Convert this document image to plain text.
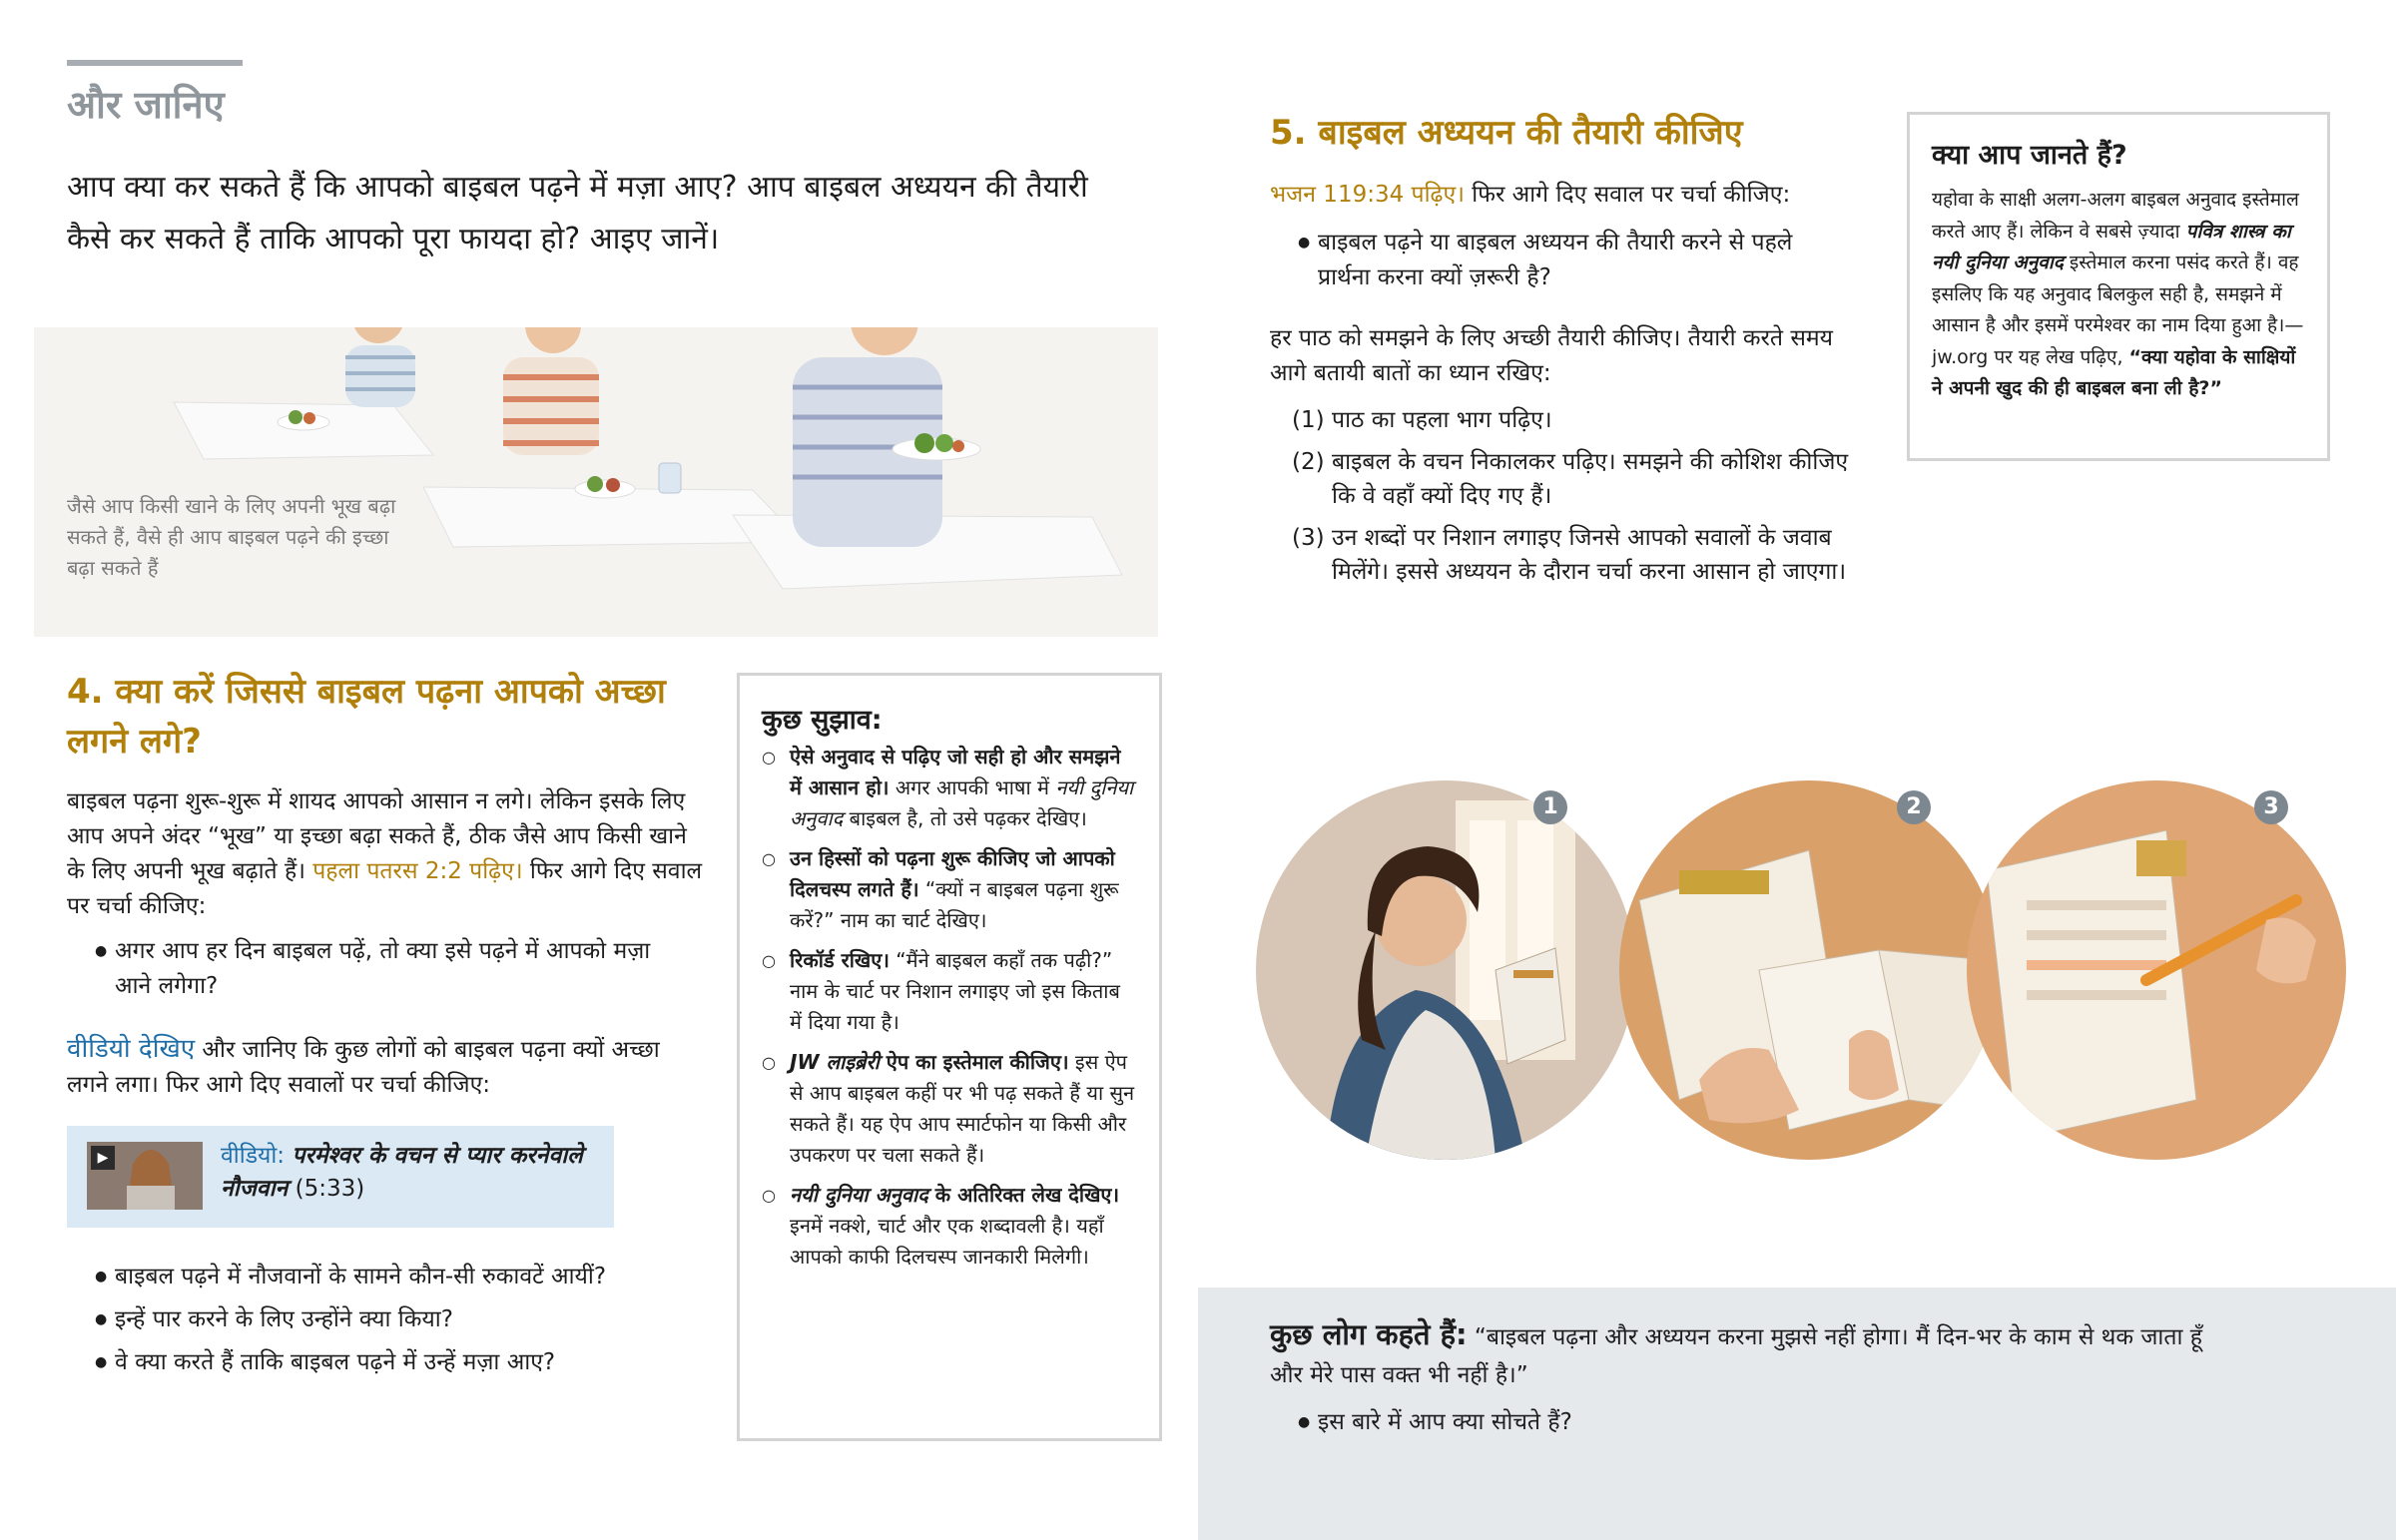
और जानिए
आप क्या कर सकते हैं कि आपको बाइबल पढ़ने में मज़ा आए? आप बाइबल अध्ययन की तैयारी कैसे कर सकते हैं ताकि आपको पूरा फायदा हो? आइए जानें।
जैसे आप किसी खाने के लिए अपनी भूख बढ़ा सकते हैं, वैसे ही आप बाइबल पढ़ने की इच्छा बढ़ा सकते हैं
4. क्या करें जिससे बाइबल पढ़ना आपको अच्छा लगने लगे?
बाइबल पढ़ना शुरू-शुरू में शायद आपको आसान न लगे। लेकिन इसके लिए आप अपने अंदर “भूख” या इच्छा बढ़ा सकते हैं, ठीक जैसे आप किसी खाने के लिए अपनी भूख बढ़ाते हैं। पहला पतरस 2:2 पढ़िए। फिर आगे दिए सवाल पर चर्चा कीजिए:
● अगर आप हर दिन बाइबल पढ़ें, तो क्या इसे पढ़ने में आपको मज़ा आने लगेगा?
वीडियो देखिए और जानिए कि कुछ लोगों को बाइबल पढ़ना क्यों अच्छा लगने लगा। फिर आगे दिए सवालों पर चर्चा कीजिए:
▶	वीडियो: परमेश्वर के वचन से प्यार करनेवाले नौजवान (5:33)
● बाइबल पढ़ने में नौजवानों के सामने कौन-सी रुकावटें आयीं?
● इन्हें पार करने के लिए उन्होंने क्या किया?
● वे क्या करते हैं ताकि बाइबल पढ़ने में उन्हें मज़ा आए?
कुछ सुझाव:
○ ऐसे अनुवाद से पढ़िए जो सही हो और समझने में आसान हो। अगर आपकी भाषा में नयी दुनिया अनुवाद बाइबल है, तो उसे पढ़कर देखिए।
○ उन हिस्सों को पढ़ना शुरू कीजिए जो आपको दिलचस्प लगते हैं। “क्यों न बाइबल पढ़ना शुरू करें?” नाम का चार्ट देखिए।
○ रिकॉर्ड रखिए। “मैंने बाइबल कहाँ तक पढ़ी?” नाम के चार्ट पर निशान लगाइए जो इस किताब में दिया गया है।
○ JW लाइब्रेरी ऐप का इस्तेमाल कीजिए। इस ऐप से आप बाइबल कहीं पर भी पढ़ सकते हैं या सुन सकते हैं। यह ऐप आप स्मार्टफोन या किसी और उपकरण पर चला सकते हैं।
○ नयी दुनिया अनुवाद के अतिरिक्त लेख देखिए। इनमें नक्शे, चार्ट और एक शब्दावली है। यहाँ आपको काफी दिलचस्प जानकारी मिलेगी।
5. बाइबल अध्ययन की तैयारी कीजिए
भजन 119:34 पढ़िए। फिर आगे दिए सवाल पर चर्चा कीजिए:
● बाइबल पढ़ने या बाइबल अध्ययन की तैयारी करने से पहले प्रार्थना करना क्यों ज़रूरी है?
हर पाठ को समझने के लिए अच्छी तैयारी कीजिए। तैयारी करते समय आगे बतायी बातों का ध्यान रखिए:
(1) पाठ का पहला भाग पढ़िए।
(2) बाइबल के वचन निकालकर पढ़िए। समझने की कोशिश कीजिए कि वे वहाँ क्यों दिए गए हैं।
(3) उन शब्दों पर निशान लगाइए जिनसे आपको सवालों के जवाब मिलेंगे। इससे अध्ययन के दौरान चर्चा करना आसान हो जाएगा।
क्या आप जानते हैं?
यहोवा के साक्षी अलग-अलग बाइबल अनुवाद इस्तेमाल करते आए हैं। लेकिन वे सबसे ज़्यादा पवित्र शास्त्र का नयी दुनिया अनुवाद इस्तेमाल करना पसंद करते हैं। वह इसलिए कि यह अनुवाद बिलकुल सही है, समझने में आसान है और इसमें परमेश्वर का नाम दिया हुआ है।—jw.org पर यह लेख पढ़िए, “क्या यहोवा के साक्षियों ने अपनी खुद की ही बाइबल बना ली है?”
1	2	3
कुछ लोग कहते हैं: “बाइबल पढ़ना और अध्ययन करना मुझसे नहीं होगा। मैं दिन-भर के काम से थक जाता हूँ और मेरे पास वक्त भी नहीं है।”
● इस बारे में आप क्या सोचते हैं?
